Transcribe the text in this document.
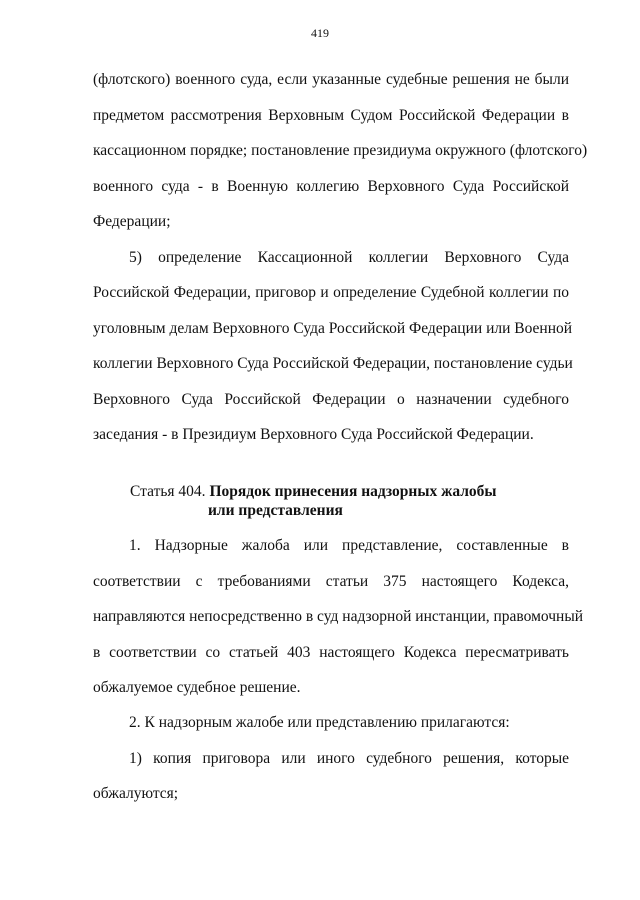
419
(флотского) военного суда, если указанные судебные решения не были
предметом рассмотрения Верховным Судом Российской Федерации в
кассационном порядке; постановление президиума окружного (флотского)
военного суда - в Военную коллегию Верховного Суда Российской
Федерации;
5) определение Кассационной коллегии Верховного Суда
Российской Федерации, приговор и определение Судебной коллегии по
уголовным делам Верховного Суда Российской Федерации или Военной
коллегии Верховного Суда Российской Федерации, постановление судьи
Верховного Суда Российской Федерации о назначении судебного
заседания - в Президиум Верховного Суда Российской Федерации.
Статья 404. Порядок принесения надзорных жалобы
или представления
1. Надзорные жалоба или представление, составленные в
соответствии с требованиями статьи 375 настоящего Кодекса,
направляются непосредственно в суд надзорной инстанции, правомочный
в соответствии со статьей 403 настоящего Кодекса пересматривать
обжалуемое судебное решение.
2. К надзорным жалобе или представлению прилагаются:
1) копия приговора или иного судебного решения, которые
обжалуются;
